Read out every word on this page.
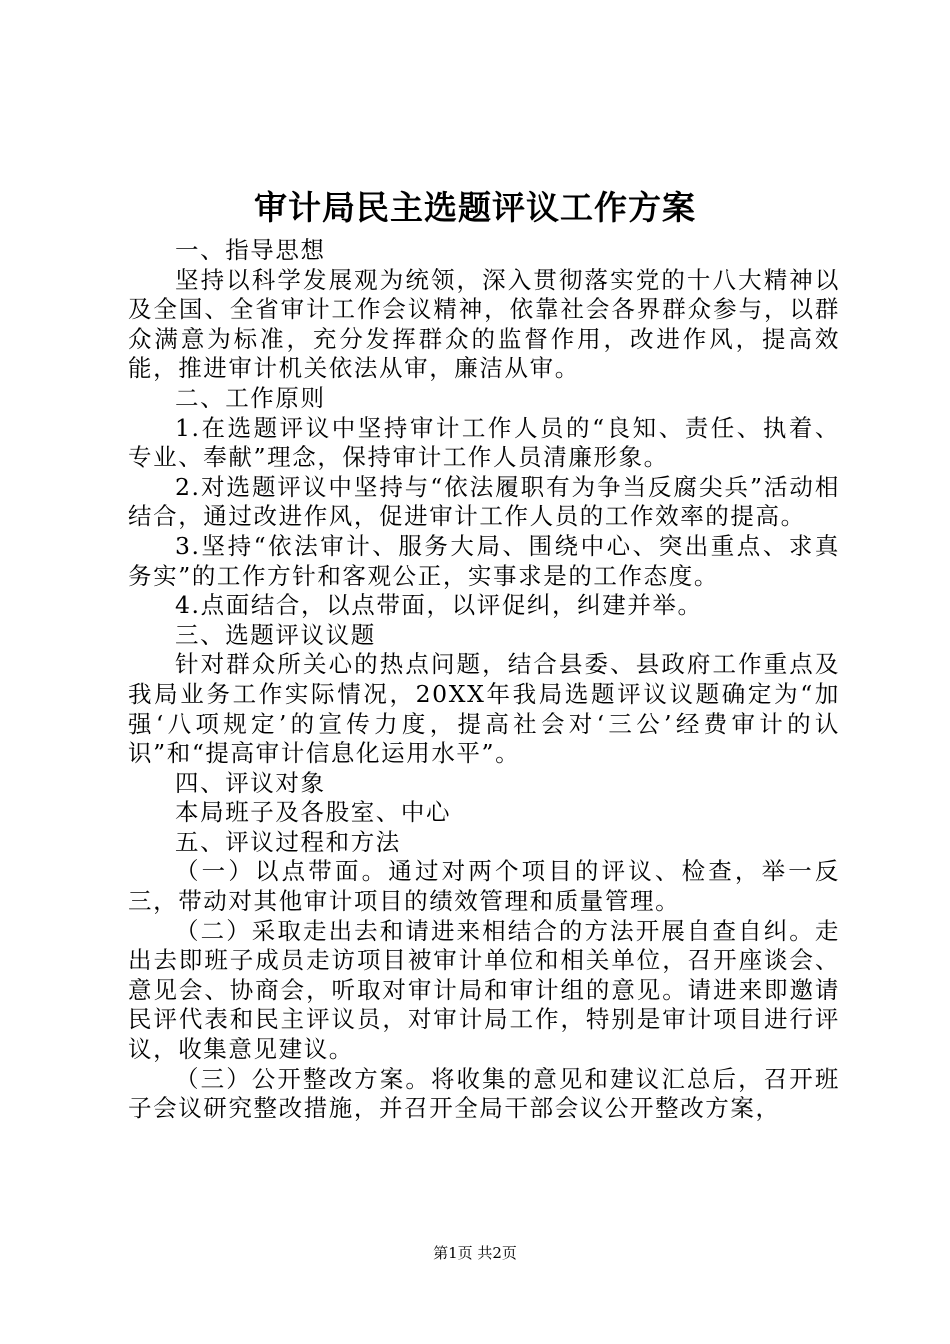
审计局民主选题评议工作方案

一、指导思想

坚持以科学发展观为统领，深入贯彻落实党的十八大精神以及全国、全省审计工作会议精神，依靠社会各界群众参与，以群众满意为标准，充分发挥群众的监督作用，改进作风，提高效能，推进审计机关依法从审，廉洁从审。

二、工作原则

1.在选题评议中坚持审计工作人员的“良知、责任、执着、专业、奉献”理念，保持审计工作人员清廉形象。

2.对选题评议中坚持与“依法履职有为争当反腐尖兵”活动相结合，通过改进作风，促进审计工作人员的工作效率的提高。

3.坚持“依法审计、服务大局、围绕中心、突出重点、求真务实”的工作方针和客观公正，实事求是的工作态度。

4.点面结合，以点带面，以评促纠，纠建并举。

三、选题评议议题

针对群众所关心的热点问题，结合县委、县政府工作重点及我局业务工作实际情况，20XX年我局选题评议议题确定为“加强‘八项规定’的宣传力度，提高社会对‘三公’经费审计的认识”和“提高审计信息化运用水平”。

四、评议对象

本局班子及各股室、中心

五、评议过程和方法

（一）以点带面。通过对两个项目的评议、检查，举一反三，带动对其他审计项目的绩效管理和质量管理。

（二）采取走出去和请进来相结合的方法开展自查自纠。走出去即班子成员走访项目被审计单位和相关单位，召开座谈会、意见会、协商会，听取对审计局和审计组的意见。请进来即邀请民评代表和民主评议员，对审计局工作，特别是审计项目进行评议，收集意见建议。

（三）公开整改方案。将收集的意见和建议汇总后，召开班子会议研究整改措施，并召开全局干部会议公开整改方案，

第1页 共2页
